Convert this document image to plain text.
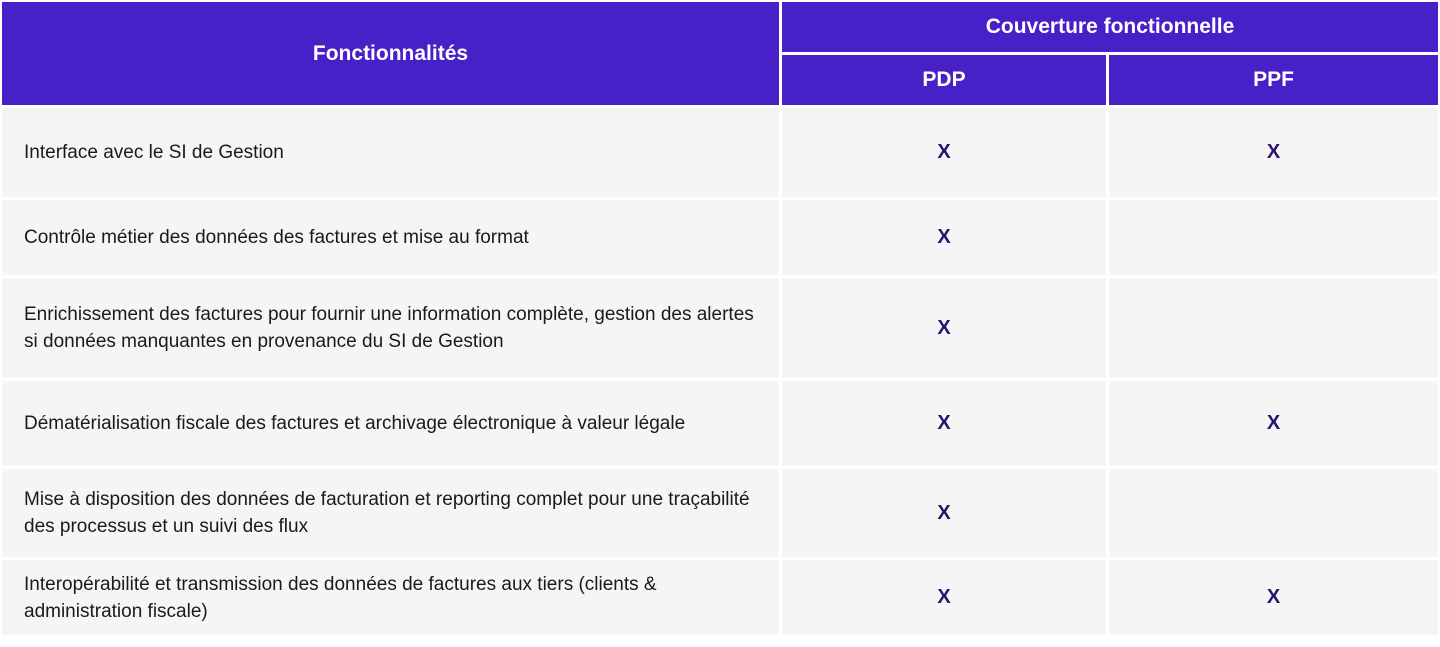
Fonctionnalités	Couverture fonctionnelle	
	PDP	PPF
Interface avec le SI de Gestion	X	X
Contrôle métier des données des factures et mise au format	X	
Enrichissement des factures pour fournir une information complète, gestion des alertes si données manquantes en provenance du SI de Gestion	X	
Dématérialisation fiscale des factures et archivage électronique à valeur légale	X	X
Mise à disposition des données de facturation et reporting complet pour une traçabilité des processus et un suivi des flux	X	
Interopérabilité et transmission des données de factures aux tiers (clients & administration fiscale)	X	X
